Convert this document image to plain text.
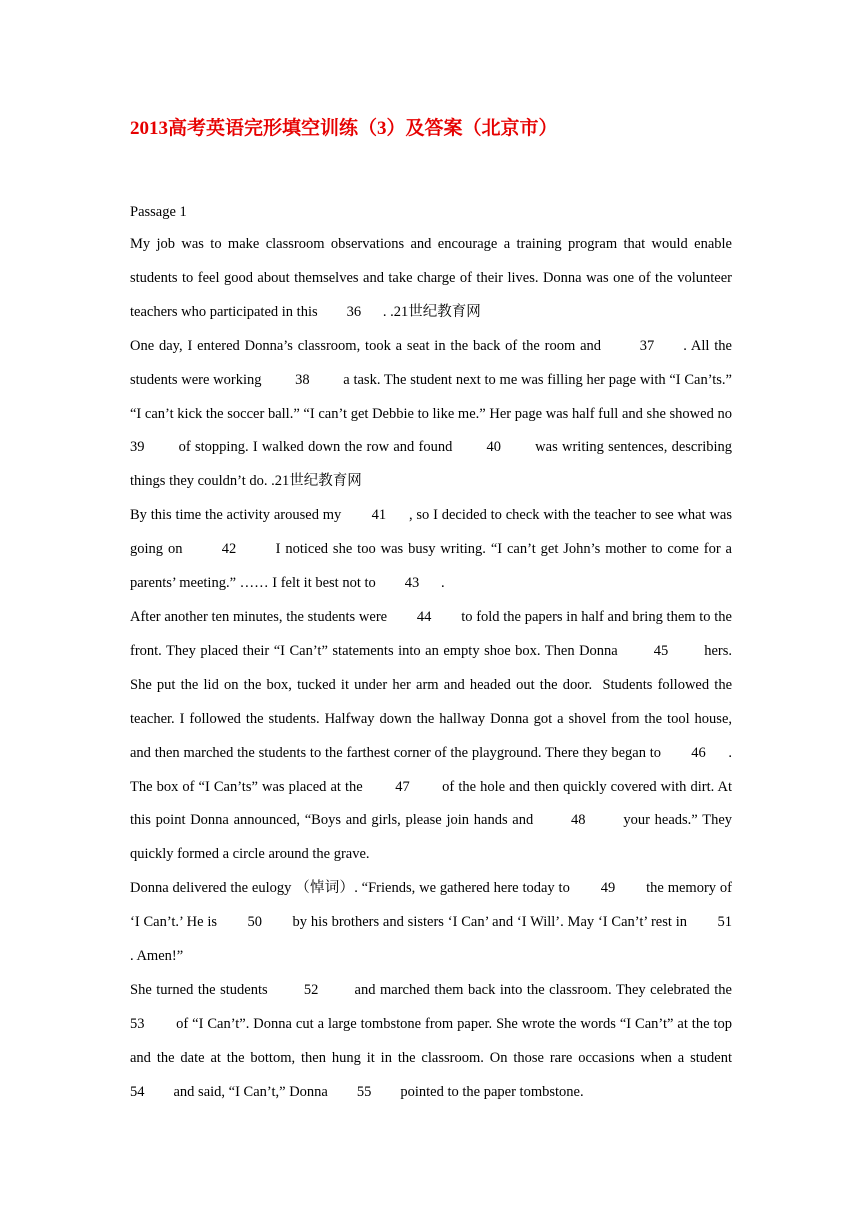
2013高考英语完形填空训练（3）及答案（北京市）
Passage 1

My job was to make classroom observations and encourage a training program that would enable students to feel good about themselves and take charge of their lives. Donna was one of the volunteer teachers who participated in this        36      . .21世纪教育网

One day, I entered Donna’s classroom, took a seat in the back of the room and        37      . All the students were working         38         a task. The student next to me was filling her page with “I Can’ts.” “I can’t kick the soccer ball.” “I can’t get Debbie to like me.” Her page was half full and she showed no        39        of stopping. I walked down the row and found        40        was writing sentences, describing things they couldn’t do. .21世纪教育网

By this time the activity aroused my        41      , so I decided to check with the teacher to see what was going on        42        I noticed she too was busy writing. “I can’t get John’s mother to come for a parents’ meeting.” …… I felt it best not to        43      .

After another ten minutes, the students were        44        to fold the papers in half and bring them to the front. They placed their “I Can’t” statements into an empty shoe box. Then Donna        45        hers. She put the lid on the box, tucked it under her arm and headed out the door.  Students followed the teacher. I followed the students. Halfway down the hallway Donna got a shovel from the tool house, and then marched the students to the farthest corner of the playground. There they began to        46      . The box of “I Can’ts” was placed at the        47        of the hole and then quickly covered with dirt. At this point Donna announced, “Boys and girls, please join hands and        48        your heads.” They quickly formed a circle around the grave.

Donna delivered the eulogy （悼词）. “Friends, we gathered here today to        49        the memory of ‘I Can’t.’ He is        50        by his brothers and sisters ‘I Can’ and ‘I Will’. May ‘I Can’t’ rest in        51      . Amen!”

She turned the students        52        and marched them back into the classroom. They celebrated the        53        of “I Can’t”. Donna cut a large tombstone from paper. She wrote the words “I Can’t” at the top and the date at the bottom, then hung it in the classroom. On those rare occasions when a student        54        and said, “I Can’t,” Donna        55        pointed to the paper tombstone.
